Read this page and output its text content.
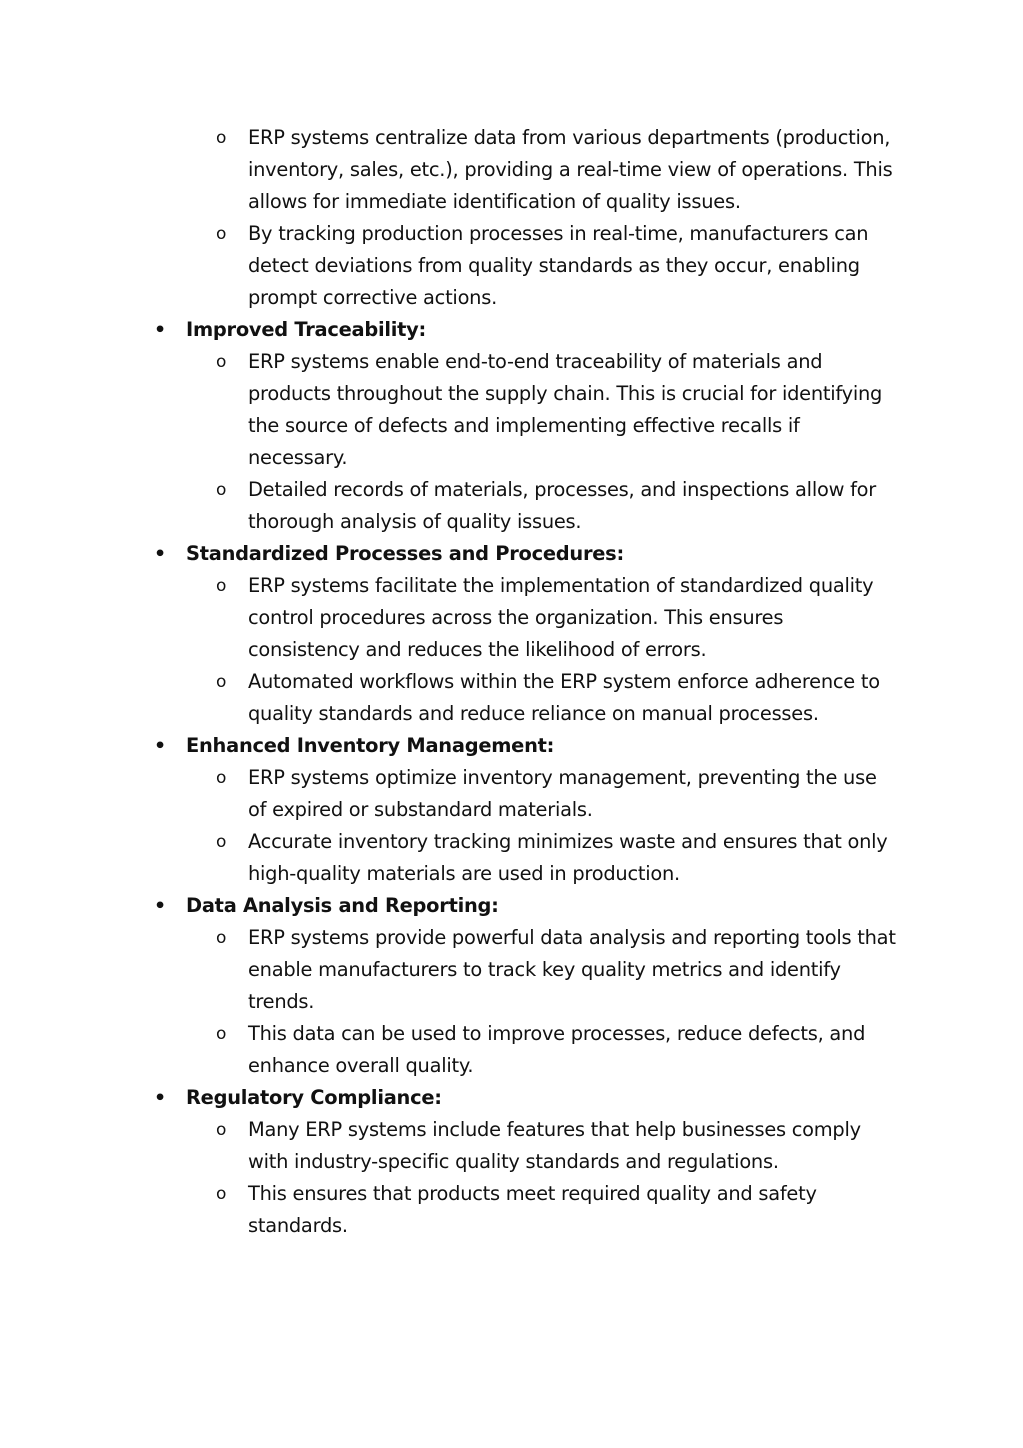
o ERP systems centralize data from various departments (production, inventory, sales, etc.), providing a real-time view of operations. This allows for immediate identification of quality issues.
o By tracking production processes in real-time, manufacturers can detect deviations from quality standards as they occur, enabling prompt corrective actions.
• Improved Traceability:
o ERP systems enable end-to-end traceability of materials and products throughout the supply chain. This is crucial for identifying the source of defects and implementing effective recalls if necessary.
o Detailed records of materials, processes, and inspections allow for thorough analysis of quality issues.
• Standardized Processes and Procedures:
o ERP systems facilitate the implementation of standardized quality control procedures across the organization. This ensures consistency and reduces the likelihood of errors.
o Automated workflows within the ERP system enforce adherence to quality standards and reduce reliance on manual processes.
• Enhanced Inventory Management:
o ERP systems optimize inventory management, preventing the use of expired or substandard materials.
o Accurate inventory tracking minimizes waste and ensures that only high-quality materials are used in production.
• Data Analysis and Reporting:
o ERP systems provide powerful data analysis and reporting tools that enable manufacturers to track key quality metrics and identify trends.
o This data can be used to improve processes, reduce defects, and enhance overall quality.
• Regulatory Compliance:
o Many ERP systems include features that help businesses comply with industry-specific quality standards and regulations.
o This ensures that products meet required quality and safety standards.
